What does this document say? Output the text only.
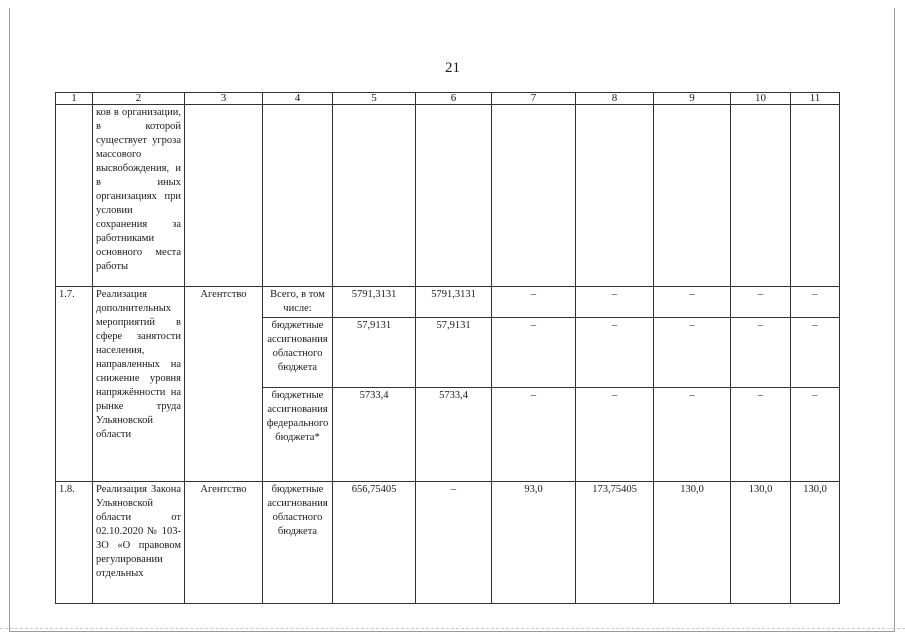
21
1	2	3	4	5	6	7	8	9	10	11
	ков в организации, в которой существует угроза массового высвобождения, и в иных организациях при условии сохранения за работниками основного места работы									
1.7.	Реализация дополнительных мероприятий в сфере занятости населения, направленных на снижение уровня напряжённости на рынке труда Ульяновской области	Агентство	Всего, в том числе:	5791,3131	5791,3131	–	–	–	–	–
			бюджетные ассигнования областного бюджета	57,9131	57,9131	–	–	–	–	–
			бюджетные ассигнования федерального бюджета*	5733,4	5733,4	–	–	–	–	–
1.8.	Реализация Закона Ульяновской области от 02.10.2020 № 103-ЗО «О правовом регулировании отдельных	Агентство	бюджетные ассигнования областного бюджета	656,75405	–	93,0	173,75405	130,0	130,0	130,0
